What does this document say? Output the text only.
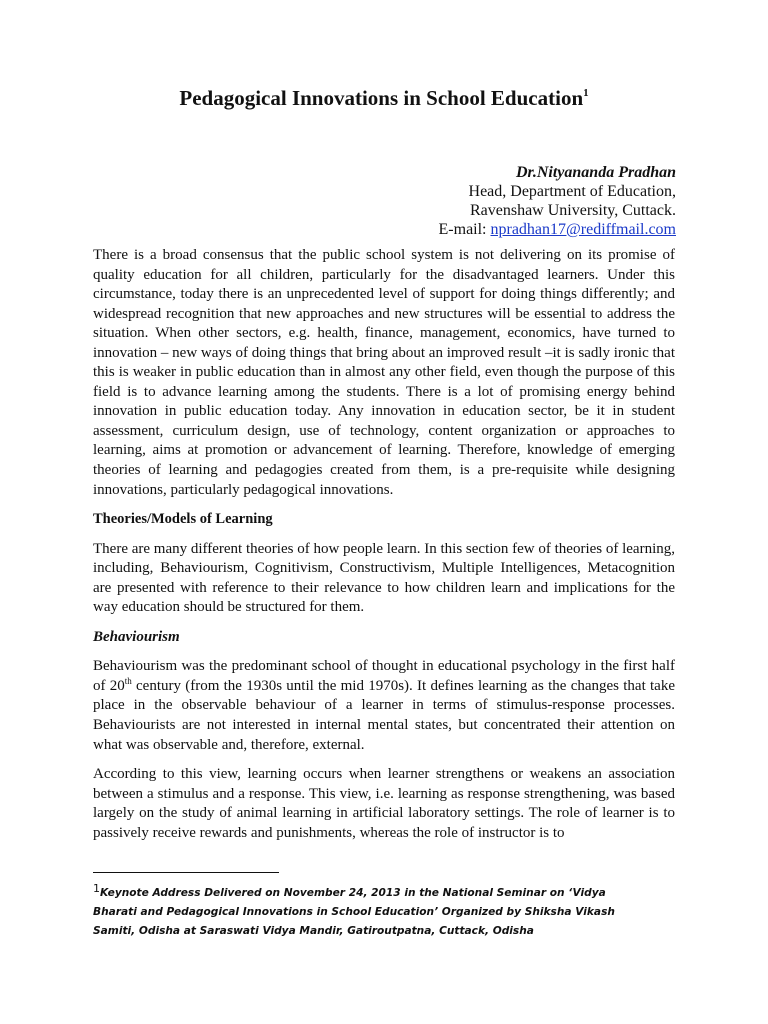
Pedagogical Innovations in School Education$^1$
Dr.Nityananda Pradhan
Head, Department of Education,
Ravenshaw University, Cuttack.
E-mail: npradhan17@rediffmail.com

There is a broad consensus that the public school system is not delivering on its promise of quality education for all children, particularly for the disadvantaged learners. Under this circumstance, today there is an unprecedented level of support for doing things differently; and widespread recognition that new approaches and new structures will be essential to address the situation. When other sectors, e.g. health, finance, management, economics, have turned to innovation – new ways of doing things that bring about an improved result –it is sadly ironic that this is weaker in public education than in almost any other field, even though the purpose of this field is to advance learning among the students. There is a lot of promising energy behind innovation in public education today. Any innovation in education sector, be it in student assessment, curriculum design, use of technology, content organization or approaches to learning, aims at promotion or advancement of learning. Therefore, knowledge of emerging theories of learning and pedagogies created from them, is a pre-requisite while designing innovations, particularly pedagogical innovations.

Theories/Models of Learning

There are many different theories of how people learn. In this section few of theories of learning, including, Behaviourism, Cognitivism, Constructivism, Multiple Intelligences, Metacognition are presented with reference to their relevance to how children learn and implications for the way education should be structured for them.

Behaviourism

Behaviourism was the predominant school of thought in educational psychology in the first half of 20th century (from the 1930s until the mid 1970s). It defines learning as the changes that take place in the observable behaviour of a learner in terms of stimulus-response processes. Behaviourists are not interested in internal mental states, but concentrated their attention on what was observable and, therefore, external.

According to this view, learning occurs when learner strengthens or weakens an association between a stimulus and a response. This view, i.e. learning as response strengthening, was based largely on the study of animal learning in artificial laboratory settings. The role of learner is to passively receive rewards and punishments, whereas the role of instructor is to

$^1$Keynote Address Delivered on November 24, 2013 in the National Seminar on ‘Vidya Bharati and Pedagogical Innovations in School Education’ Organized by Shiksha Vikash Samiti, Odisha at Saraswati Vidya Mandir, Gatiroutpatna, Cuttack, Odisha
